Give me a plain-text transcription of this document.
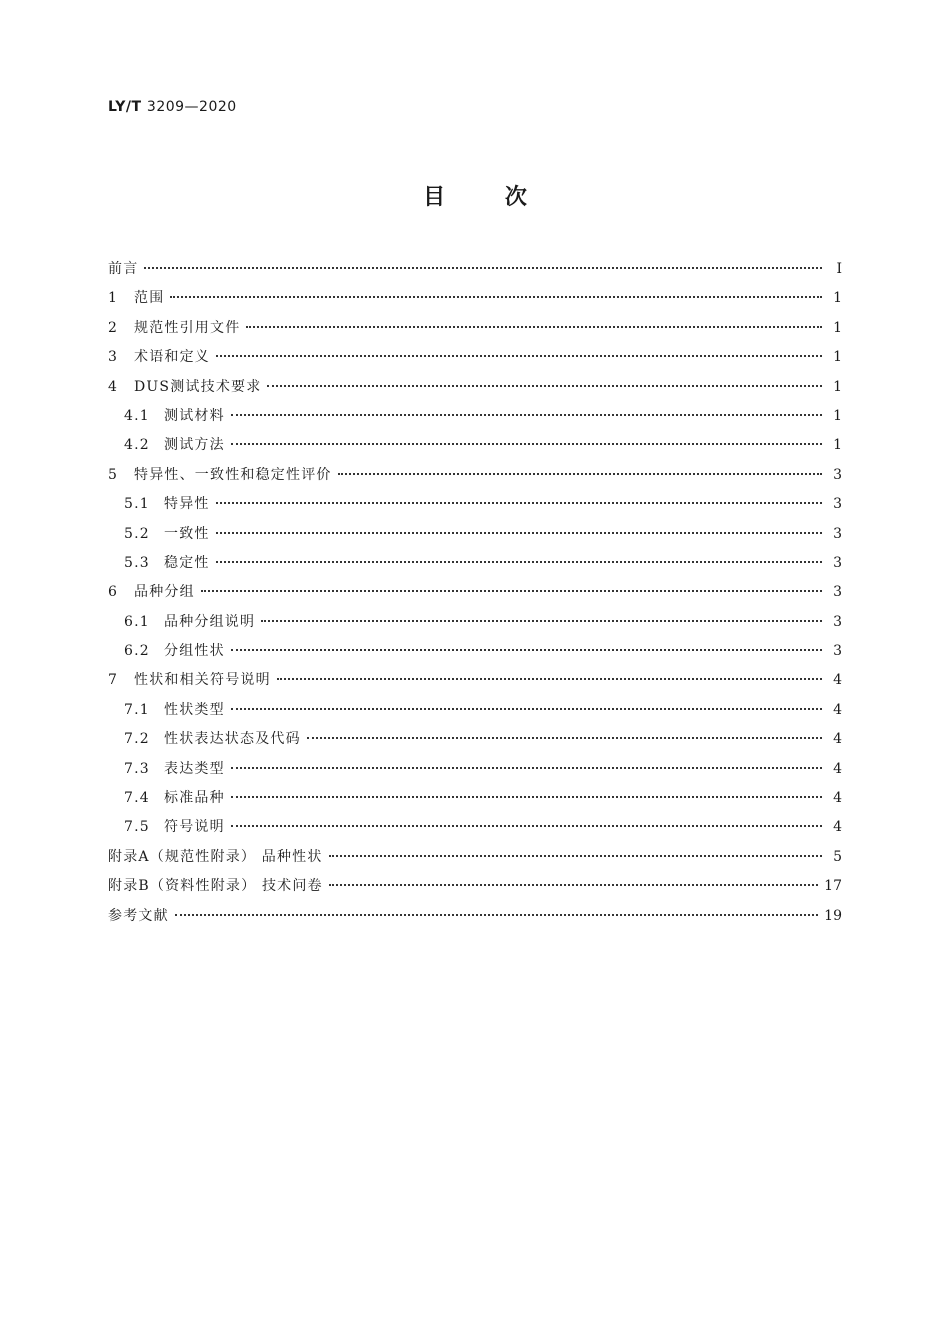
LY/T 3209—2020
目	次
前言	Ⅰ
1	范围	1
2	规范性引用文件	1
3	术语和定义	1
4	DUS测试技术要求	1
4.1	测试材料	1
4.2	测试方法	1
5	特异性、一致性和稳定性评价	3
5.1	特异性	3
5.2	一致性	3
5.3	稳定性	3
6	品种分组	3
6.1	品种分组说明	3
6.2	分组性状	3
7	性状和相关符号说明	4
7.1	性状类型	4
7.2	性状表达状态及代码	4
7.3	表达类型	4
7.4	标准品种	4
7.5	符号说明	4
附录A（规范性附录） 品种性状	5
附录B（资料性附录） 技术问卷	17
参考文献	19
